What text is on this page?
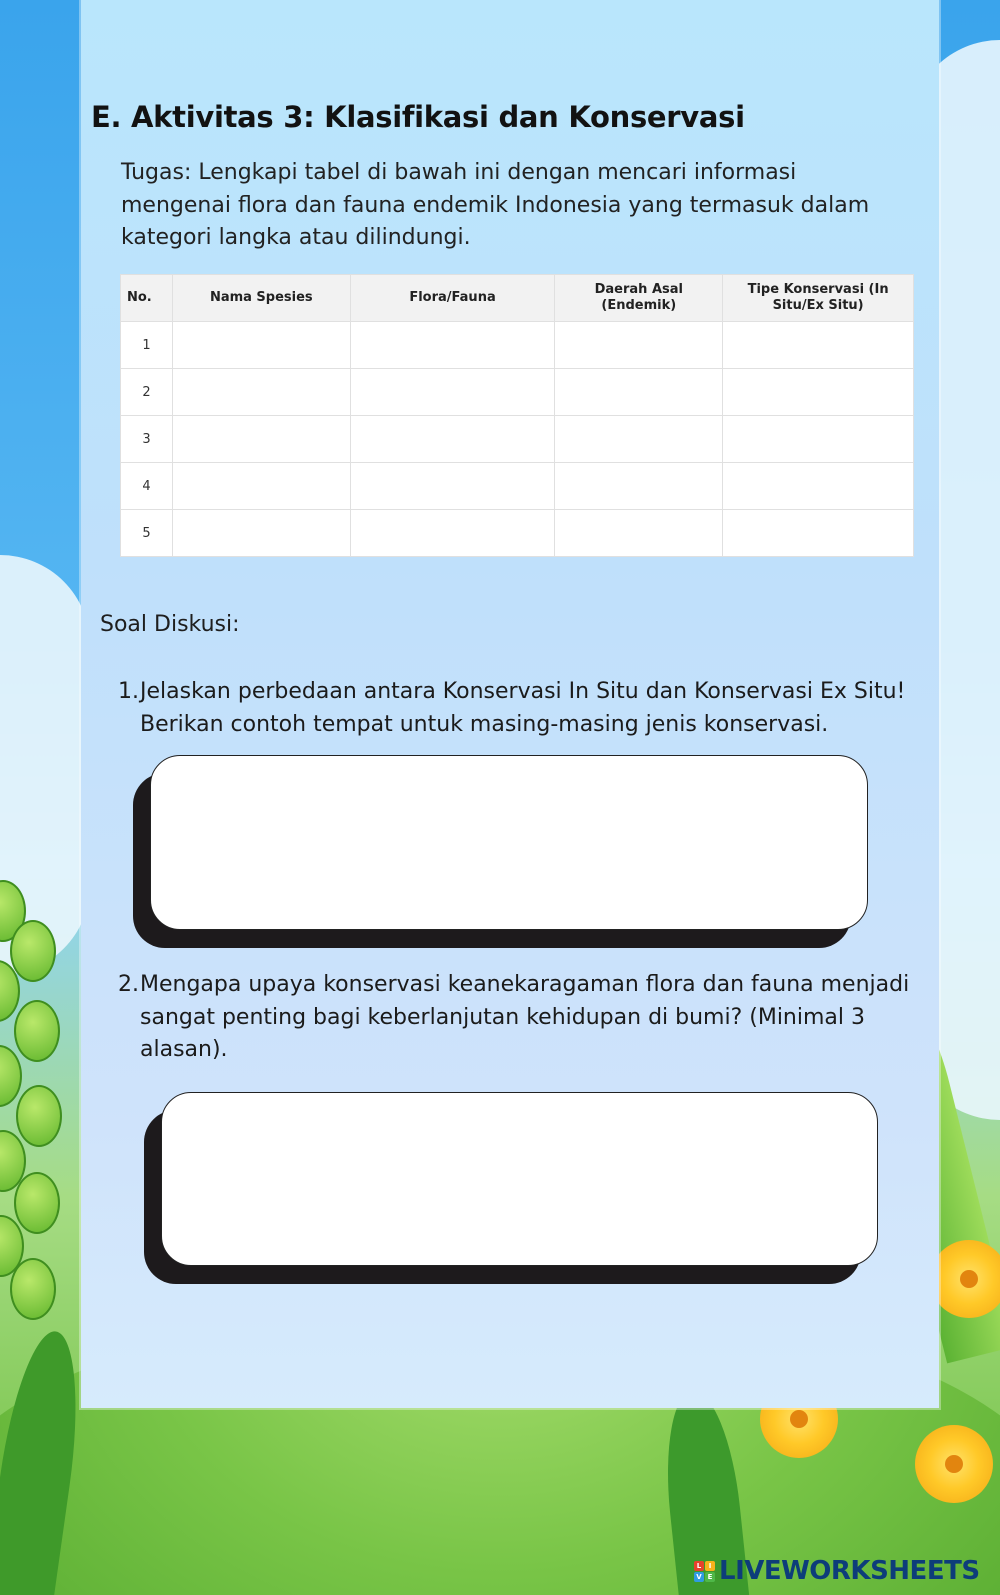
E. Aktivitas 3: Klasifikasi dan Konservasi

Tugas: Lengkapi tabel di bawah ini dengan mencari informasi mengenai flora dan fauna endemik Indonesia yang termasuk dalam kategori langka atau dilindungi.

No.	Nama Spesies	Flora/Fauna	Daerah Asal (Endemik)	Tipe Konservasi (In Situ/Ex Situ)
1				
2				
3				
4				
5				
Soal Diskusi:
1. Jelaskan perbedaan antara Konservasi In Situ dan Konservasi Ex Situ! Berikan contoh tempat untuk masing-masing jenis konservasi.
2. Mengapa upaya konservasi keanekaragaman flora dan fauna menjadi sangat penting bagi keberlanjutan kehidupan di bumi? (Minimal 3 alasan).
L	I
V E LIVEWORKSHEETS
